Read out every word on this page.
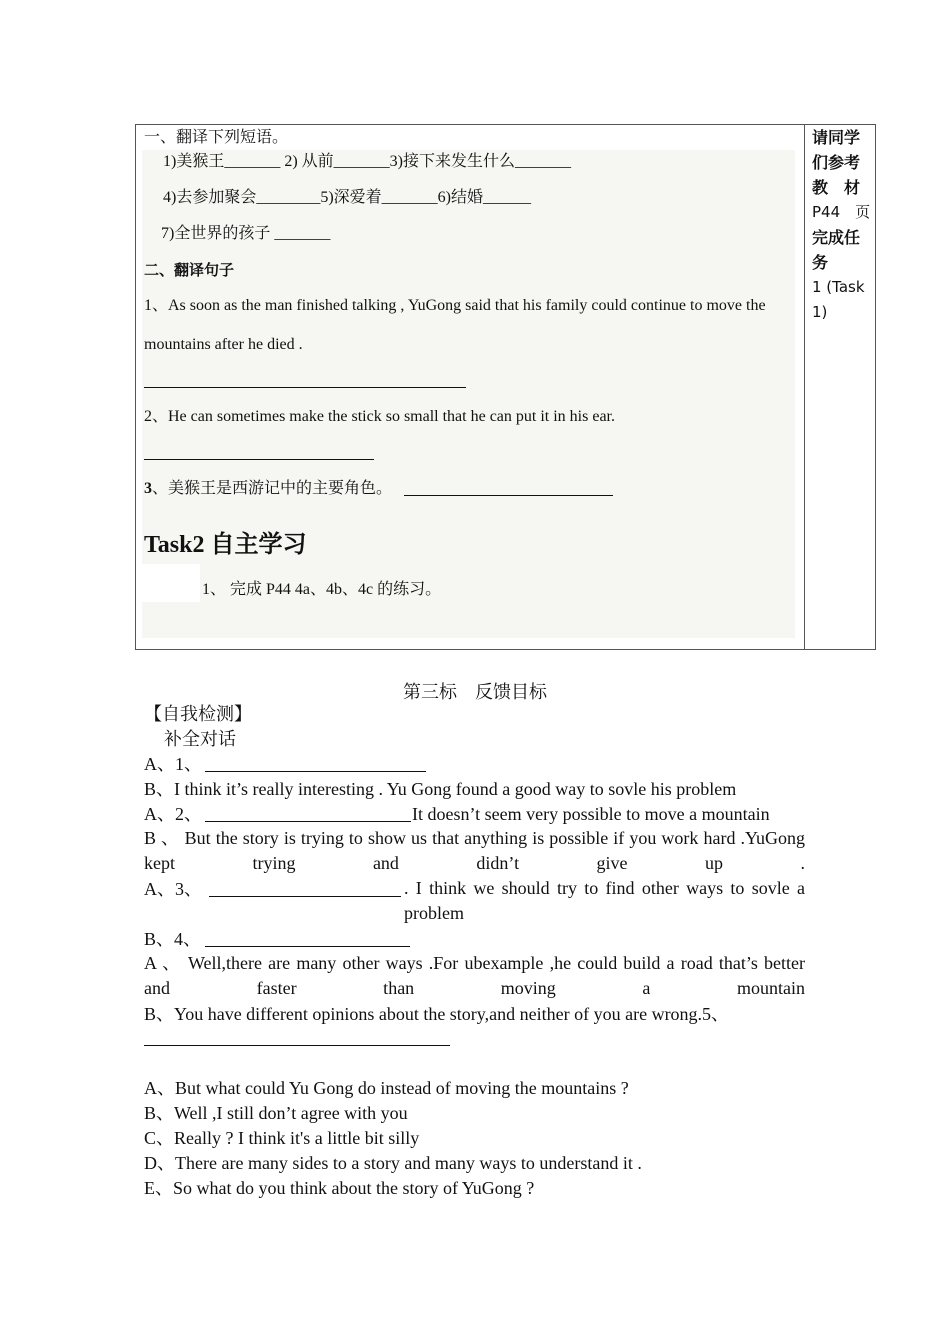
一、翻译下列短语。
1)美猴王_______ 2) 从前_______3)接下来发生什么_______
4)去参加聚会________5)深爱着_______6)结婚______
7)全世界的孩子 _______
二、翻译句子
1、As soon as the man finished talking , YuGong said that his family could continue to move the
mountains after he died .
2、He can sometimes make the stick so small that he can put it in his ear.
3、美猴王是西游记中的主要角色。
Task2 自主学习
1、 完成 P44 4a、4b、4c 的练习。
请同学
们参考
教　材
P44　页
完成任
务
1 (Task
1)
第三标　反馈目标
【自我检测】
补全对话
A、1、
B、I think it’s really interesting . Yu Gong found a good way to sovle his problem
A、2、	It doesn’t seem very possible to move a mountain
B 、 But the story is trying to show us that anything is possible if you work hard .YuGong kept trying and didn’t give up .
A、3、	. I think we should try to find other ways to sovle a problem
B、4、
A 、 Well,there are many other ways .For ubexample ,he could build a road that’s better and faster than moving a mountain
B、You have different opinions about the story,and neither of you are wrong.5、
A、But what could Yu Gong do instead of moving the mountains ?
B、Well ,I still don’t agree with you
C、Really ? I think it's a little bit silly
D、There are many sides to a story and many ways to understand it .
E、So what do you think about the story of YuGong ?
